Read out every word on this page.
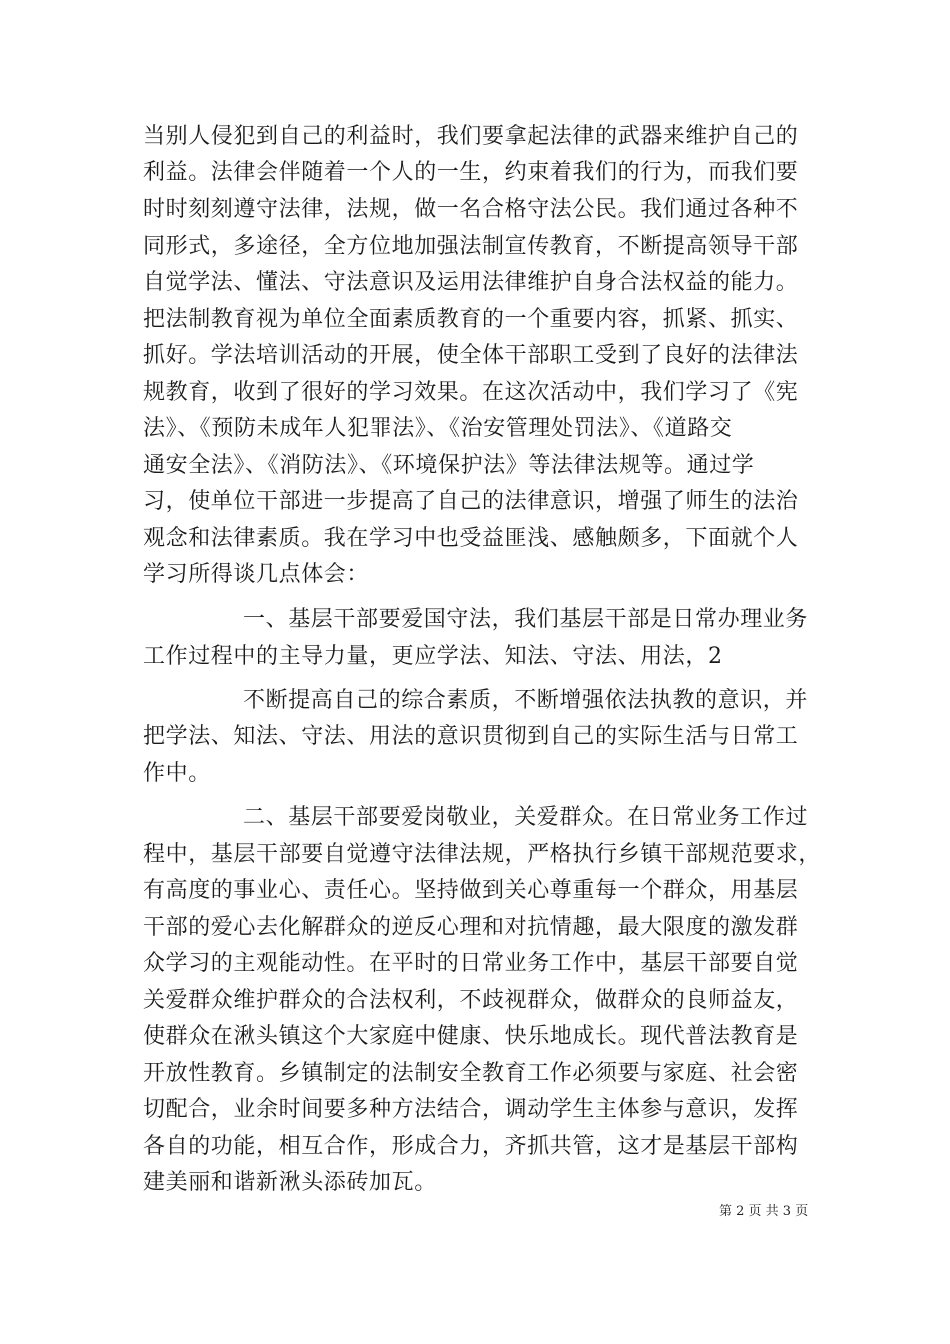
当别人侵犯到自己的利益时，我们要拿起法律的武器来维护自己的
利益。法律会伴随着一个人的一生，约束着我们的行为，而我们要
时时刻刻遵守法律，法规，做一名合格守法公民。我们通过各种不
同形式，多途径，全方位地加强法制宣传教育，不断提高领导干部
自觉学法、懂法、守法意识及运用法律维护自身合法权益的能力。
把法制教育视为单位全面素质教育的一个重要内容，抓紧、抓实、
抓好。学法培训活动的开展，使全体干部职工受到了良好的法律法
规教育，收到了很好的学习效果。在这次活动中，我们学习了《宪
法》、《预防未成年人犯罪法》、《治安管理处罚法》、《道路交
通安全法》、《消防法》、《环境保护法》等法律法规等。通过学
习，使单位干部进一步提高了自己的法律意识，增强了师生的法治
观念和法律素质。我在学习中也受益匪浅、感触颇多，下面就个人
学习所得谈几点体会：
一、基层干部要爱国守法，我们基层干部是日常办理业务
工作过程中的主导力量，更应学法、知法、守法、用法，2
不断提高自己的综合素质，不断增强依法执教的意识，并
把学法、知法、守法、用法的意识贯彻到自己的实际生活与日常工
作中。
二、基层干部要爱岗敬业，关爱群众。在日常业务工作过
程中，基层干部要自觉遵守法律法规，严格执行乡镇干部规范要求，
有高度的事业心、责任心。坚持做到关心尊重每一个群众，用基层
干部的爱心去化解群众的逆反心理和对抗情趣，最大限度的激发群
众学习的主观能动性。在平时的日常业务工作中，基层干部要自觉
关爱群众维护群众的合法权利，不歧视群众，做群众的良师益友，
使群众在湫头镇这个大家庭中健康、快乐地成长。现代普法教育是
开放性教育。乡镇制定的法制安全教育工作必须要与家庭、社会密
切配合，业余时间要多种方法结合，调动学生主体参与意识，发挥
各自的功能，相互合作，形成合力，齐抓共管，这才是基层干部构
建美丽和谐新湫头添砖加瓦。
第 2 页 共 3 页
